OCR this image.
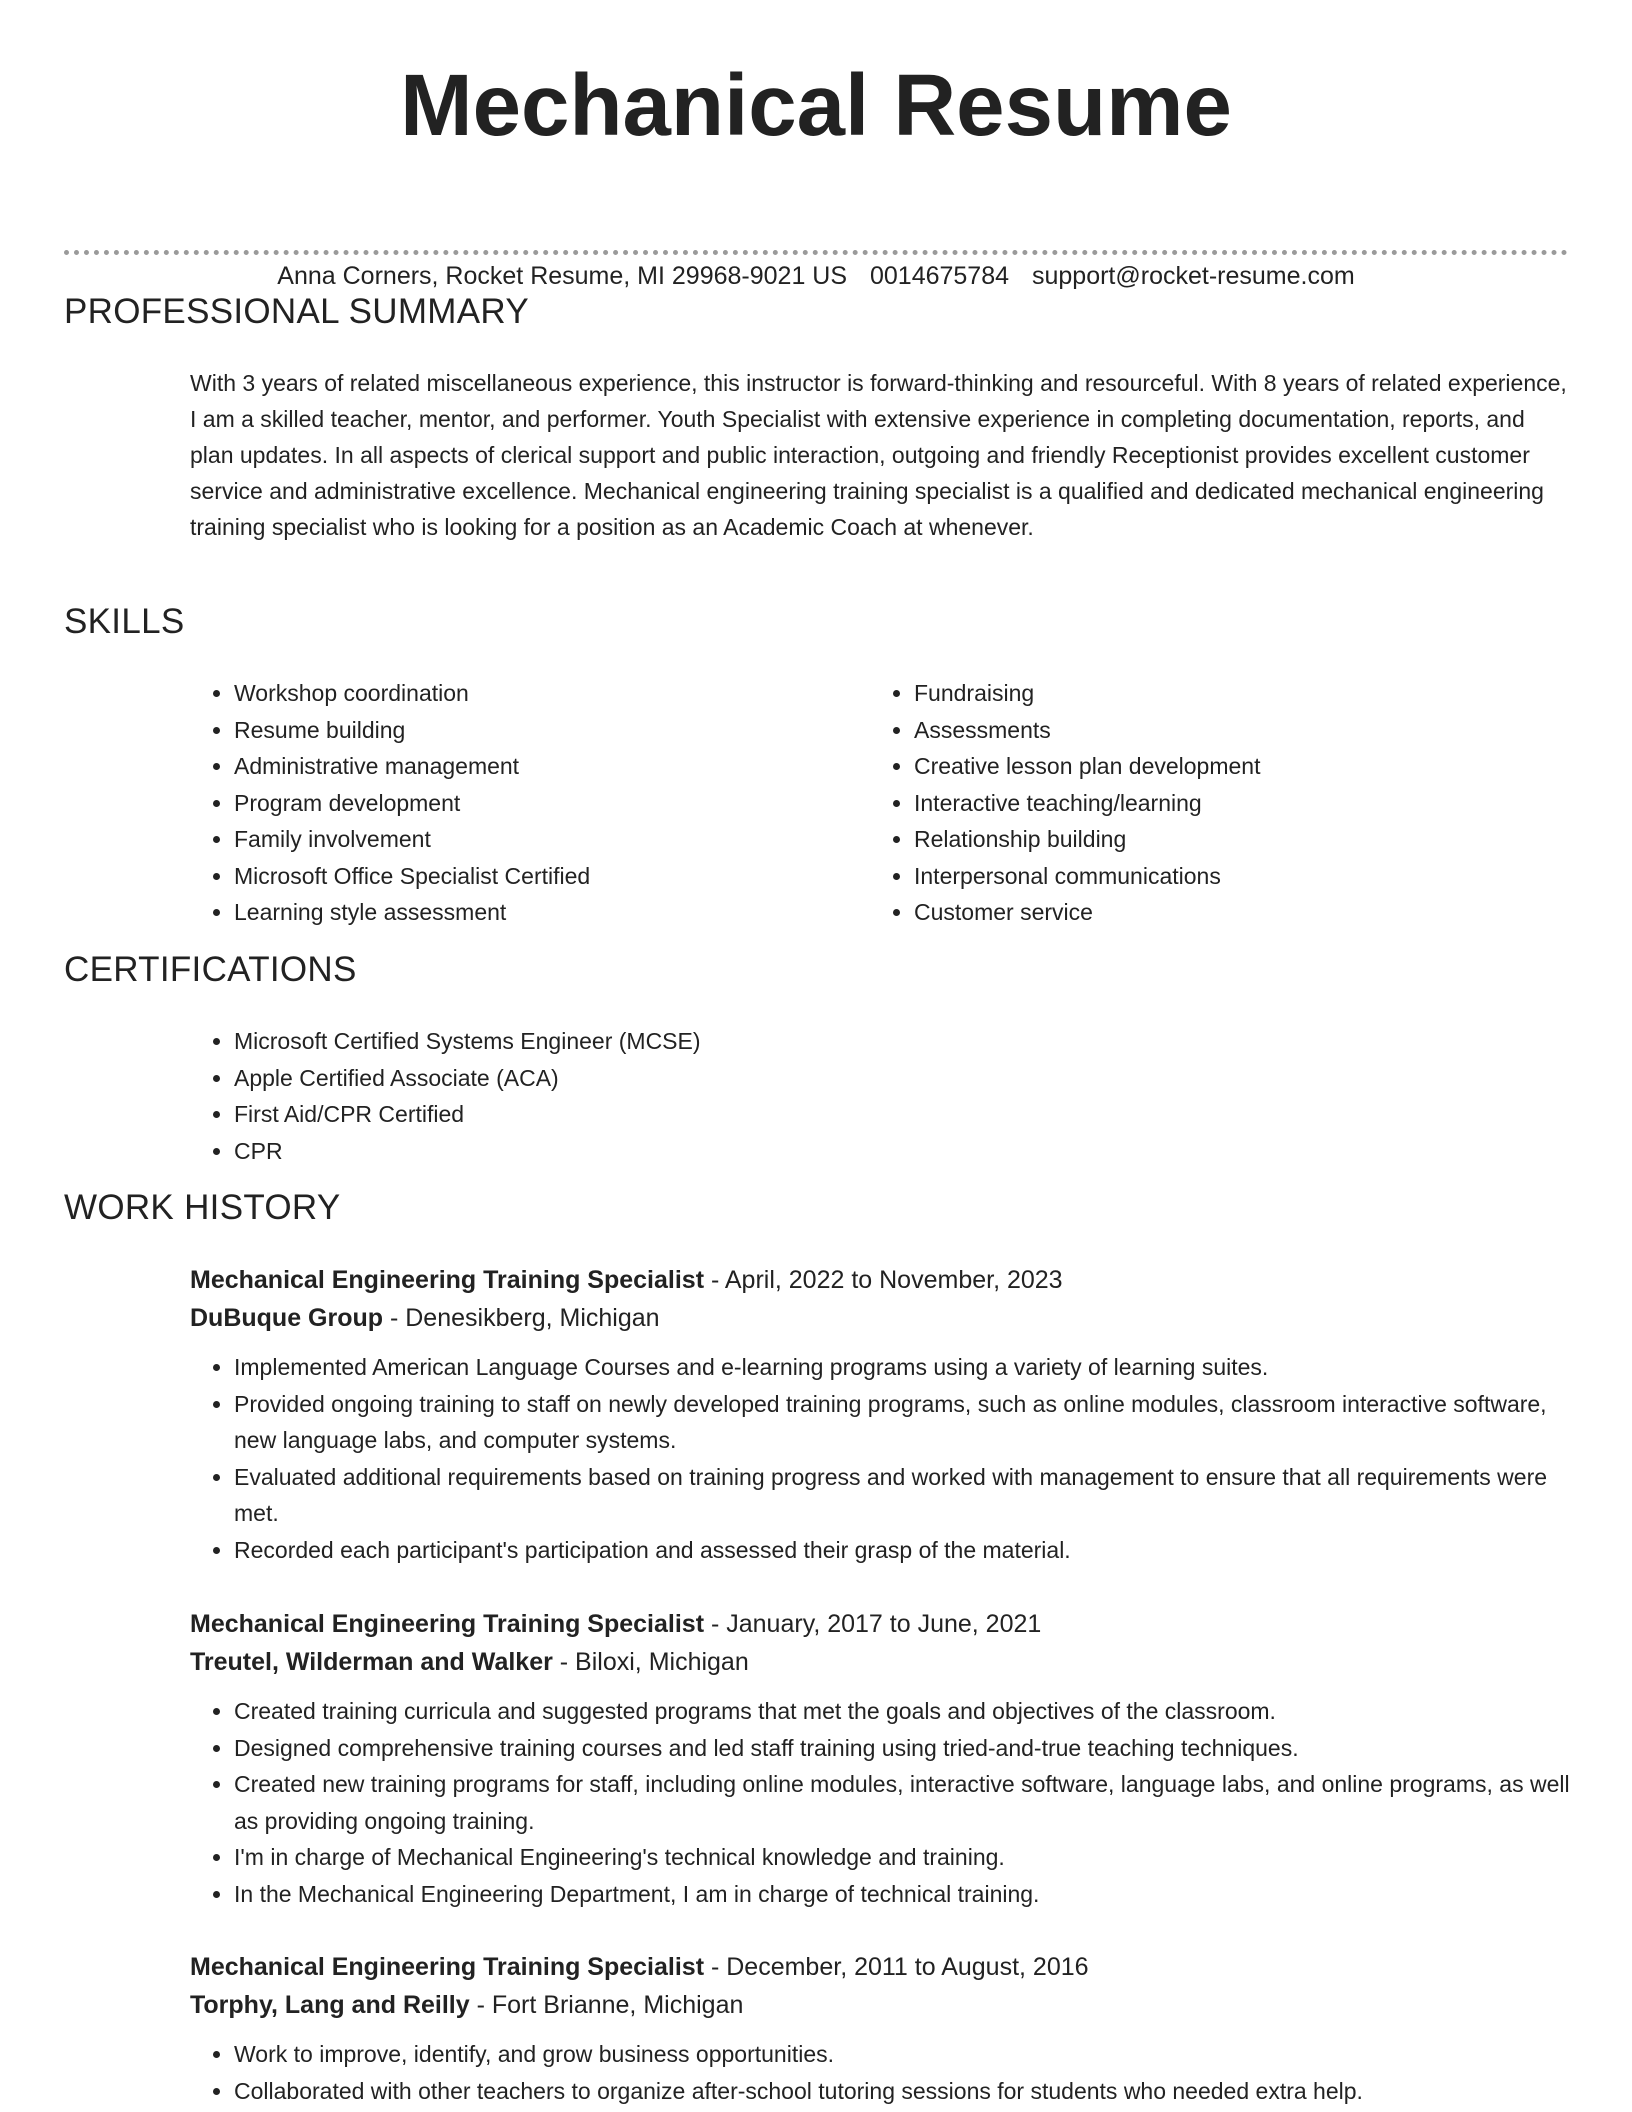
Mechanical Resume
Anna Corners, Rocket Resume, MI 29968-9021 US 0014675784 support@rocket-resume.com
PROFESSIONAL SUMMARY

With 3 years of related miscellaneous experience, this instructor is forward-thinking and resourceful. With 8 years of related experience, I am a skilled teacher, mentor, and performer. Youth Specialist with extensive experience in completing documentation, reports, and plan updates. In all aspects of clerical support and public interaction, outgoing and friendly Receptionist provides excellent customer service and administrative excellence. Mechanical engineering training specialist is a qualified and dedicated mechanical engineering training specialist who is looking for a position as an Academic Coach at whenever.

SKILLS
• Workshop coordination
• Resume building
• Administrative management
• Program development
• Family involvement
• Microsoft Office Specialist Certified
• Learning style assessment
• Fundraising
• Assessments
• Creative lesson plan development
• Interactive teaching/learning
• Relationship building
• Interpersonal communications
• Customer service
CERTIFICATIONS
• Microsoft Certified Systems Engineer (MCSE)
• Apple Certified Associate (ACA)
• First Aid/CPR Certified
• CPR
WORK HISTORY

Mechanical Engineering Training Specialist - April, 2022 to November, 2023

DuBuque Group - Denesikberg, Michigan

• Implemented American Language Courses and e-learning programs using a variety of learning suites.
• Provided ongoing training to staff on newly developed training programs, such as online modules, classroom interactive software, new language labs, and computer systems.
• Evaluated additional requirements based on training progress and worked with management to ensure that all requirements were met.
• Recorded each participant's participation and assessed their grasp of the material.

Mechanical Engineering Training Specialist - January, 2017 to June, 2021

Treutel, Wilderman and Walker - Biloxi, Michigan

• Created training curricula and suggested programs that met the goals and objectives of the classroom.
• Designed comprehensive training courses and led staff training using tried-and-true teaching techniques.
• Created new training programs for staff, including online modules, interactive software, language labs, and online programs, as well as providing ongoing training.
• I'm in charge of Mechanical Engineering's technical knowledge and training.
• In the Mechanical Engineering Department, I am in charge of technical training.

Mechanical Engineering Training Specialist - December, 2011 to August, 2016

Torphy, Lang and Reilly - Fort Brianne, Michigan

• Work to improve, identify, and grow business opportunities.
• Collaborated with other teachers to organize after-school tutoring sessions for students who needed extra help.
